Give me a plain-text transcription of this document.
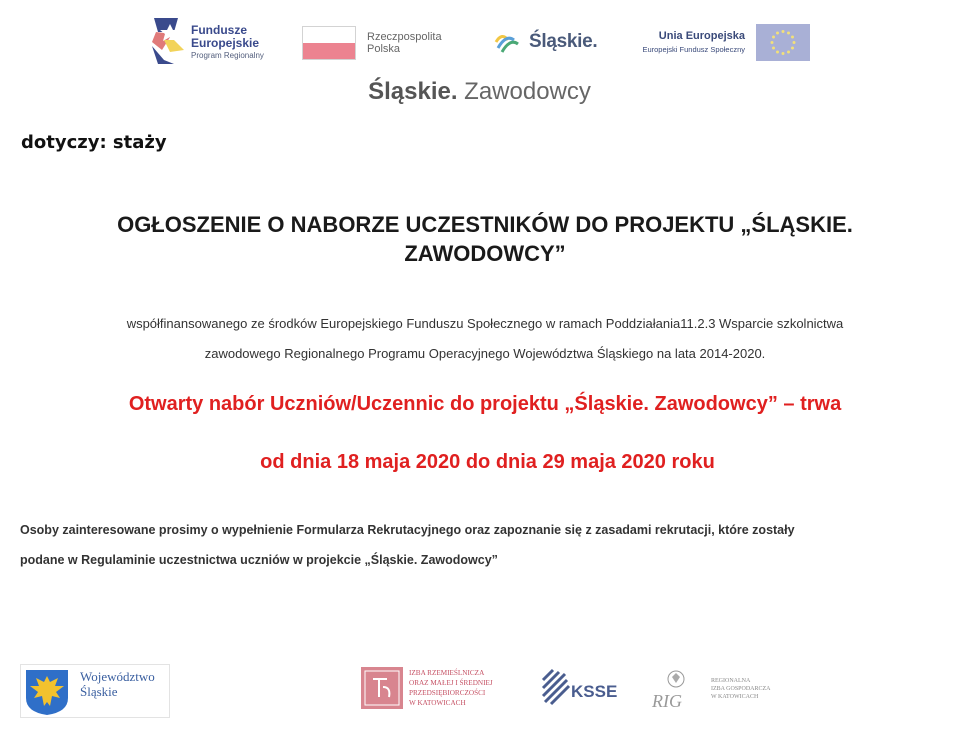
Fundusze
Europejskie
Program Regionalny
Rzeczpospolita
Polska	Śląskie.	Unia Europejska
Europejski Fundusz Społeczny
Śląskie. Zawodowcy
dotyczy: staży
OGŁOSZENIE O NABORZE UCZESTNIKÓW DO PROJEKTU „ŚLĄSKIE.
ZAWODOWCY”
współfinansowanego ze środków Europejskiego Funduszu Społecznego w ramach Poddziałania11.2.3 Wsparcie szkolnictwa
zawodowego Regionalnego Programu Operacyjnego Województwa Śląskiego na lata 2014-2020.
Otwarty nabór Uczniów/Uczennic do projektu „Śląskie. Zawodowcy” – trwa
od dnia 18 maja 2020 do dnia 29 maja 2020 roku
Osoby zainteresowane prosimy o wypełnienie Formularza Rekrutacyjnego oraz zapoznanie się z zasadami rekrutacji, które zostały
podane w Regulaminie uczestnictwa uczniów w projekcie „Śląskie. Zawodowcy”
Województwo
Śląskie
IZBA RZEMIEŚLNICZA
ORAZ MAŁEJ I ŚREDNIEJ
PRZEDSIĘBIORCZOŚCI
W KATOWICACH
KSSE RIG
REGIONALNA
IZBA GOSPODARCZA
W KATOWICACH
